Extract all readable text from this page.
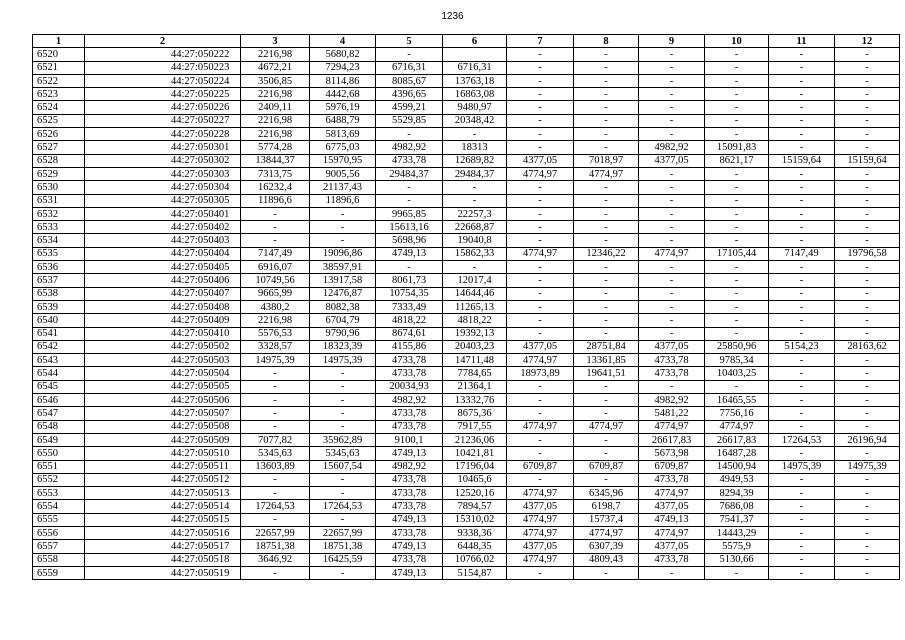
1236
1	2	3	4	5	6	7	8	9	10	11	12
6520	44:27:050222	2216,98	5680,82	-		-	-	-	-	-	-
6521	44:27:050223	4672,21	7294,23	6716,31	6716,31	-	-	-	-	-	-
6522	44:27:050224	3506,85	8114,86	8085,67	13763,18	-	-	-	-	-	-
6523	44:27:050225	2216,98	4442,68	4396,65	16863,08	-	-	-	-	-	-
6524	44:27:050226	2409,11	5976,19	4599,21	9480,97	-	-	-	-	-	-
6525	44:27:050227	2216,98	6488,79	5529,85	20348,42	-	-	-	-	-	-
6526	44:27:050228	2216,98	5813,69	-	-	-	-	-	-	-	-
6527	44:27:050301	5774,28	6775,03	4982,92	18313	-	-	4982,92	15091,83	-	-
6528	44:27:050302	13844,37	15970,95	4733,78	12689,82	4377,05	7018,97	4377,05	8621,17	15159,64	15159,64
6529	44:27:050303	7313,75	9005,56	29484,37	29484,37	4774,97	4774,97	-	-	-	-
6530	44:27:050304	16232,4	21137,43	-	-	-	-	-	-	-	-
6531	44:27:050305	11896,6	11896,6	-	-	-	-	-	-	-	-
6532	44:27:050401	-	-	9965,85	22257,3	-	-	-	-	-	-
6533	44:27:050402	-	-	15613,16	22668,87	-	-	-	-	-	-
6534	44:27:050403	-	-	5698,96	19040,8	-	-	-	-	-	-
6535	44:27:050404	7147,49	19096,86	4749,13	15862,33	4774,97	12346,22	4774,97	17105,44	7147,49	19796,58
6536	44:27:050405	6916,07	38597,91	-	-	-	-	-	-	-	-
6537	44:27:050406	10749,56	13917,58	8061,73	12017,4	-	-	-	-	-	-
6538	44:27:050407	9665,99	12476,87	10754,35	14644,46	-	-	-	-	-	-
6539	44:27:050408	4380,2	8082,38	7333,49	11265,13	-	-	-	-	-	-
6540	44:27:050409	2216,98	6704,79	4818,22	4818,22	-	-	-	-	-	-
6541	44:27:050410	5576,53	9790,96	8674,61	19392,13	-	-	-	-	-	-
6542	44:27:050502	3328,57	18323,39	4155,86	20403,23	4377,05	28751,84	4377,05	25850,96	5154,23	28163,62
6543	44:27:050503	14975,39	14975,39	4733,78	14711,48	4774,97	13361,85	4733,78	9785,34	-	-
6544	44:27:050504	-	-	4733,78	7784,65	18973,89	19641,51	4733,78	10403,25	-	-
6545	44:27:050505	-	-	20034,93	21364,1	-	-	-	-	-	-
6546	44:27:050506	-	-	4982,92	13332,76	-	-	4982,92	16465,55	-	-
6547	44:27:050507	-	-	4733,78	8675,36	-	-	5481,22	7756,16	-	-
6548	44:27:050508	-	-	4733,78	7917,55	4774,97	4774,97	4774,97	4774,97	-	-
6549	44:27:050509	7077,82	35962,89	9100,1	21236,06	-	-	26617,83	26617,83	17264,53	26196,94
6550	44:27:050510	5345,63	5345,63	4749,13	10421,81	-	-	5673,98	16487,28	-	-
6551	44:27:050511	13603,89	15607,54	4982,92	17196,04	6709,87	6709,87	6709,87	14500,94	14975,39	14975,39
6552	44:27:050512	-	-	4733,78	10465,6	-	-	4733,78	4949,53	-	-
6553	44:27:050513	-	-	4733,78	12520,16	4774,97	6345,96	4774,97	8294,39	-	-
6554	44:27:050514	17264,53	17264,53	4733,78	7894,57	4377,05	6198,7	4377,05	7686,08	-	-
6555	44:27:050515	-	-	4749,13	15310,02	4774,97	15737,4	4749,13	7541,37	-	-
6556	44:27:050516	22657,99	22657,99	4733,78	9338,36	4774,97	4774,97	4774,97	14443,29	-	-
6557	44:27:050517	18751,38	18751,38	4749,13	6448,35	4377,05	6307,39	4377,05	5575,9	-	-
6558	44:27:050518	3646,92	16425,59	4733,78	10766,02	4774,97	4809,43	4733,78	5130,66	-	-
6559	44:27:050519	-	-	4749,13	5154,87	-	-	-	-	-	-
